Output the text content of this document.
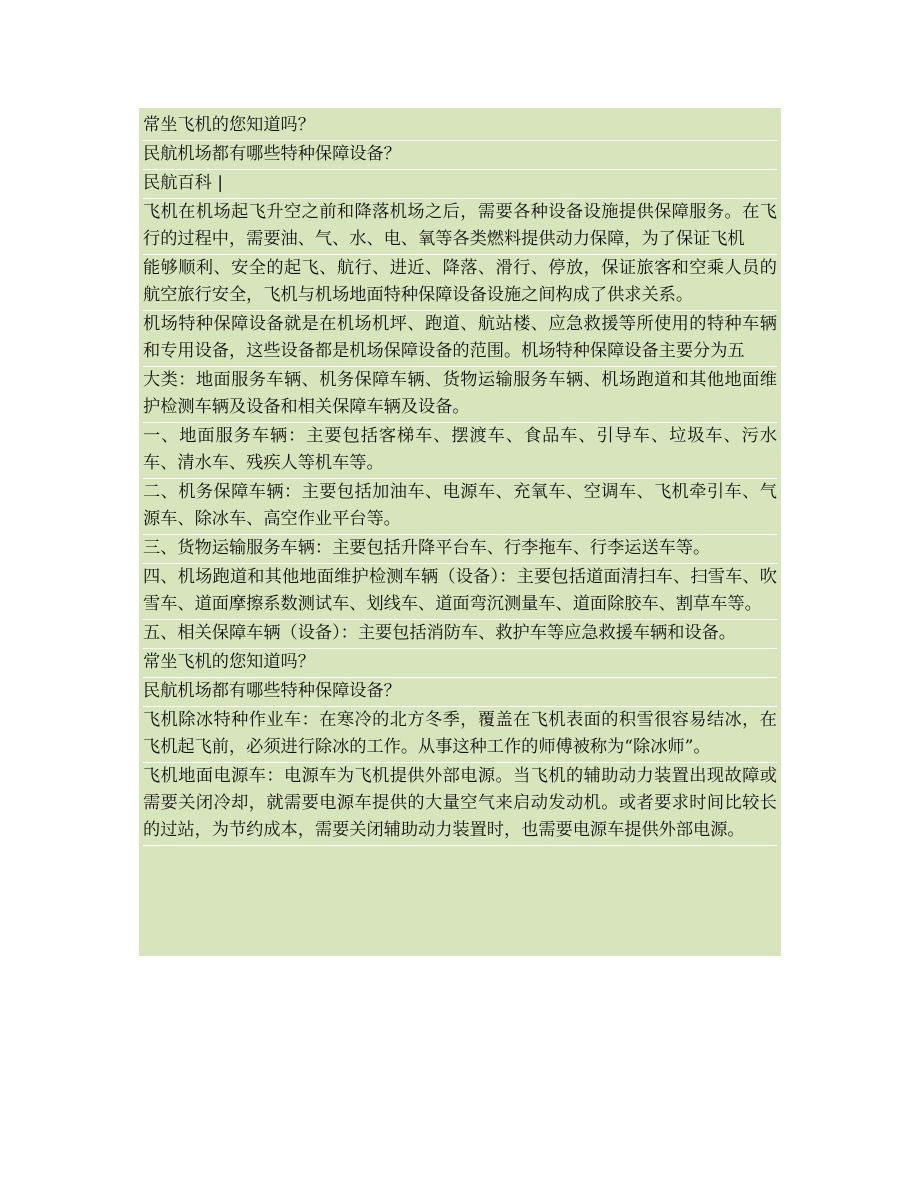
常坐飞机的您知道吗？

民航机场都有哪些特种保障设备？

民航百科 |

飞机在机场起飞升空之前和降落机场之后，需要各种设备设施提供保障服务。在飞行的过程中，需要油、气、水、电、氧等各类燃料提供动力保障，为了保证飞机

能够顺利、安全的起飞、航行、进近、降落、滑行、停放，保证旅客和空乘人员的航空旅行安全，飞机与机场地面特种保障设备设施之间构成了供求关系。

机场特种保障设备就是在机场机坪、跑道、航站楼、应急救援等所使用的特种车辆和专用设备，这些设备都是机场保障设备的范围。机场特种保障设备主要分为五

大类：地面服务车辆、机务保障车辆、货物运输服务车辆、机场跑道和其他地面维护检测车辆及设备和相关保障车辆及设备。

一、地面服务车辆：主要包括客梯车、摆渡车、食品车、引导车、垃圾车、污水车、清水车、残疾人等机车等。

二、机务保障车辆：主要包括加油车、电源车、充氧车、空调车、飞机牵引车、气源车、除冰车、高空作业平台等。

三、货物运输服务车辆：主要包括升降平台车、行李拖车、行李运送车等。

四、机场跑道和其他地面维护检测车辆（设备）：主要包括道面清扫车、扫雪车、吹雪车、道面摩擦系数测试车、划线车、道面弯沉测量车、道面除胶车、割草车等。

五、相关保障车辆（设备）：主要包括消防车、救护车等应急救援车辆和设备。

常坐飞机的您知道吗？

民航机场都有哪些特种保障设备？

飞机除冰特种作业车：在寒冷的北方冬季，覆盖在飞机表面的积雪很容易结冰，在飞机起飞前，必须进行除冰的工作。从事这种工作的师傅被称为“除冰师”。

飞机地面电源车：电源车为飞机提供外部电源。当飞机的辅助动力装置出现故障或需要关闭冷却，就需要电源车提供的大量空气来启动发动机。或者要求时间比较长的过站，为节约成本，需要关闭辅助动力装置时，也需要电源车提供外部电源。
